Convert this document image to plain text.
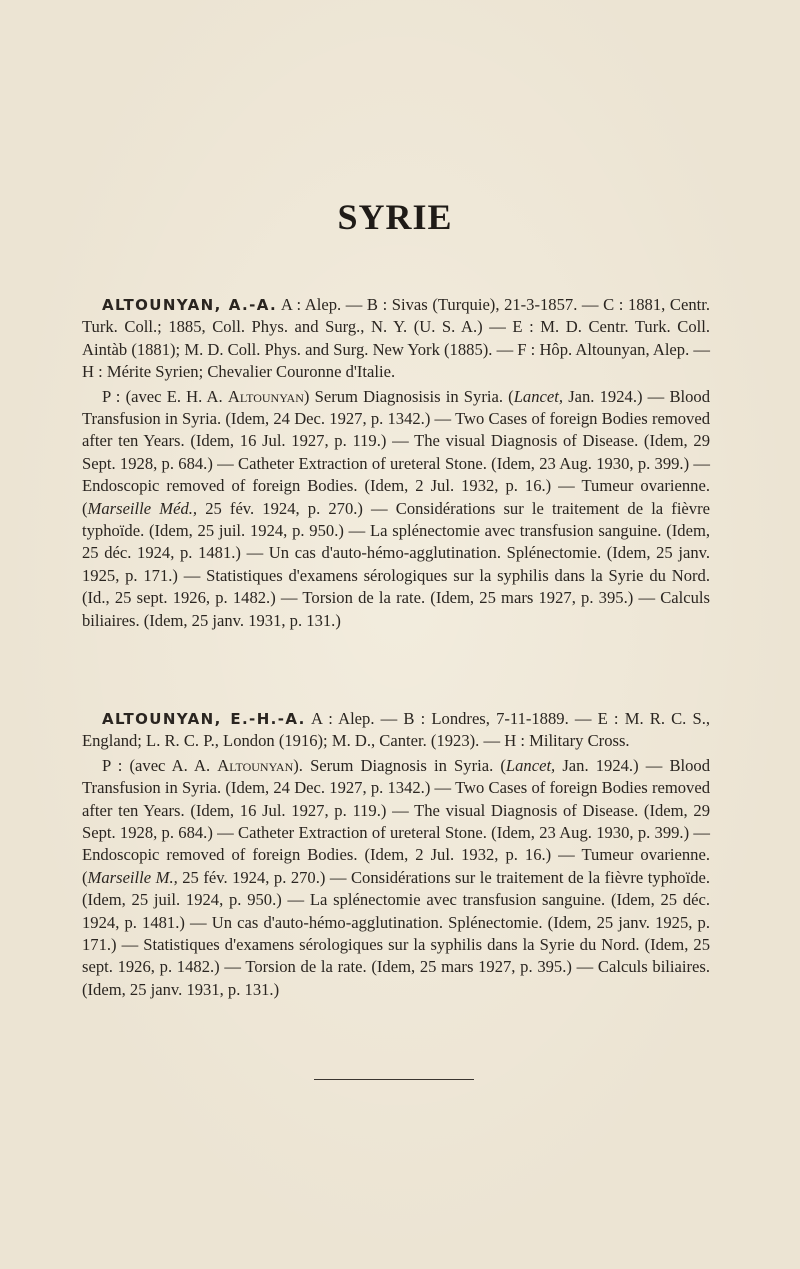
SYRIE

ALTOUNYAN, A.-A. A : Alep. — B : Sivas (Turquie), 21-3-1857. — C : 1881, Centr. Turk. Coll.; 1885, Coll. Phys. and Surg., N. Y. (U. S. A.) — E : M. D. Centr. Turk. Coll. Aintàb (1881); M. D. Coll. Phys. and Surg. New York (1885). — F : Hôp. Altounyan, Alep. — H : Mérite Syrien; Chevalier Couronne d'Italie.

P : (avec E. H. A. Altounyan) Serum Diagnosisis in Syria. (Lancet, Jan. 1924.) — Blood Transfusion in Syria. (Idem, 24 Dec. 1927, p. 1342.) — Two Cases of foreign Bodies removed after ten Years. (Idem, 16 Jul. 1927, p. 119.) — The visual Diagnosis of Disease. (Idem, 29 Sept. 1928, p. 684.) — Catheter Extraction of ureteral Stone. (Idem, 23 Aug. 1930, p. 399.) — Endoscopic removed of foreign Bodies. (Idem, 2 Jul. 1932, p. 16.) — Tumeur ovarienne. (Marseille Méd., 25 fév. 1924, p. 270.) — Considérations sur le traitement de la fièvre typhoïde. (Idem, 25 juil. 1924, p. 950.) — La splénectomie avec transfusion sanguine. (Idem, 25 déc. 1924, p. 1481.) — Un cas d'auto-hémo-agglutination. Splénectomie. (Idem, 25 janv. 1925, p. 171.) — Statistiques d'examens sérologiques sur la syphilis dans la Syrie du Nord. (Id., 25 sept. 1926, p. 1482.) — Torsion de la rate. (Idem, 25 mars 1927, p. 395.) — Calculs biliaires. (Idem, 25 janv. 1931, p. 131.)

ALTOUNYAN, E.-H.-A. A : Alep. — B : Londres, 7-11-1889. — E : M. R. C. S., England; L. R. C. P., London (1916); M. D., Canter. (1923). — H : Military Cross.

P : (avec A. A. Altounyan). Serum Diagnosis in Syria. (Lancet, Jan. 1924.) — Blood Transfusion in Syria. (Idem, 24 Dec. 1927, p. 1342.) — Two Cases of foreign Bodies removed after ten Years. (Idem, 16 Jul. 1927, p. 119.) — The visual Diagnosis of Disease. (Idem, 29 Sept. 1928, p. 684.) — Catheter Extraction of ureteral Stone. (Idem, 23 Aug. 1930, p. 399.) — Endoscopic removed of foreign Bodies. (Idem, 2 Jul. 1932, p. 16.) — Tumeur ovarienne. (Marseille M., 25 fév. 1924, p. 270.) — Considérations sur le traitement de la fièvre typhoïde. (Idem, 25 juil. 1924, p. 950.) — La splénectomie avec transfusion sanguine. (Idem, 25 déc. 1924, p. 1481.) — Un cas d'auto-hémo-agglutination. Splénectomie. (Idem, 25 janv. 1925, p. 171.) — Statistiques d'examens sérologiques sur la syphilis dans la Syrie du Nord. (Idem, 25 sept. 1926, p. 1482.) — Torsion de la rate. (Idem, 25 mars 1927, p. 395.) — Calculs biliaires. (Idem, 25 janv. 1931, p. 131.)
